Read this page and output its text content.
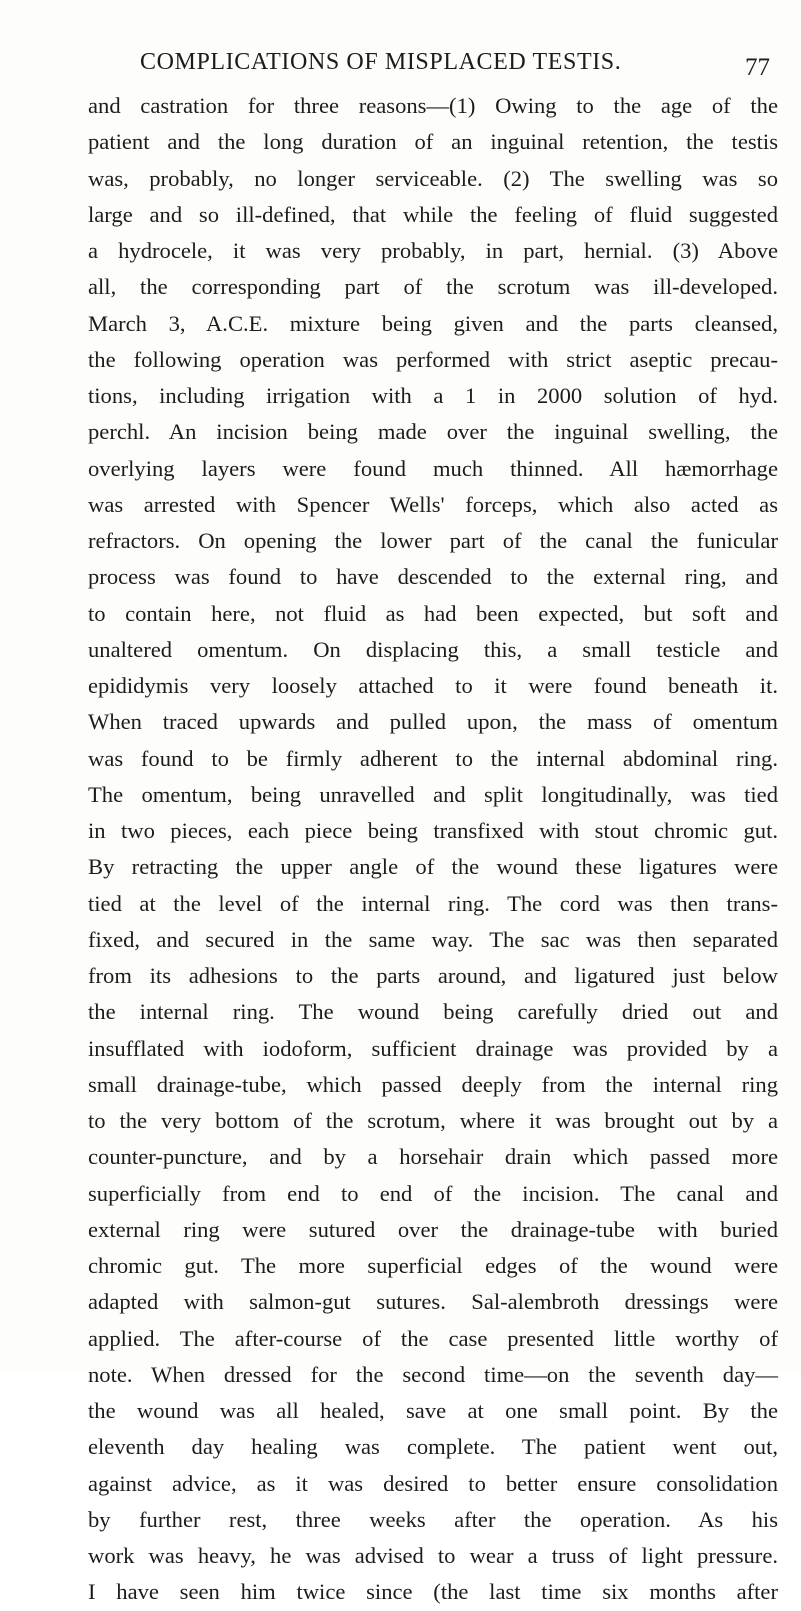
COMPLICATIONS OF MISPLACED TESTIS.	77
and castration for three reasons—(1) Owing to the age of the
patient and the long duration of an inguinal retention, the testis
was, probably, no longer serviceable. (2) The swelling was so
large and so ill-defined, that while the feeling of fluid suggested
a hydrocele, it was very probably, in part, hernial. (3) Above
all, the corresponding part of the scrotum was ill-developed.
March 3, A.C.E. mixture being given and the parts cleansed,
the following operation was performed with strict aseptic precau-
tions, including irrigation with a 1 in 2000 solution of hyd.
perchl. An incision being made over the inguinal swelling, the
overlying layers were found much thinned. All hæmorrhage
was arrested with Spencer Wells' forceps, which also acted as
refractors. On opening the lower part of the canal the funicular
process was found to have descended to the external ring, and
to contain here, not fluid as had been expected, but soft and
unaltered omentum. On displacing this, a small testicle and
epididymis very loosely attached to it were found beneath it.
When traced upwards and pulled upon, the mass of omentum
was found to be firmly adherent to the internal abdominal ring.
The omentum, being unravelled and split longitudinally, was tied
in two pieces, each piece being transfixed with stout chromic gut.
By retracting the upper angle of the wound these ligatures were
tied at the level of the internal ring. The cord was then trans-
fixed, and secured in the same way. The sac was then separated
from its adhesions to the parts around, and ligatured just below
the internal ring. The wound being carefully dried out and
insufflated with iodoform, sufficient drainage was provided by a
small drainage-tube, which passed deeply from the internal ring
to the very bottom of the scrotum, where it was brought out by a
counter-puncture, and by a horsehair drain which passed more
superficially from end to end of the incision. The canal and
external ring were sutured over the drainage-tube with buried
chromic gut. The more superficial edges of the wound were
adapted with salmon-gut sutures. Sal-alembroth dressings were
applied. The after-course of the case presented little worthy of
note. When dressed for the second time—on the seventh day—
the wound was all healed, save at one small point. By the
eleventh day healing was complete. The patient went out,
against advice, as it was desired to better ensure consolidation
by further rest, three weeks after the operation. As his
work was heavy, he was advised to wear a truss of light pressure.
I have seen him twice since (the last time six months after
